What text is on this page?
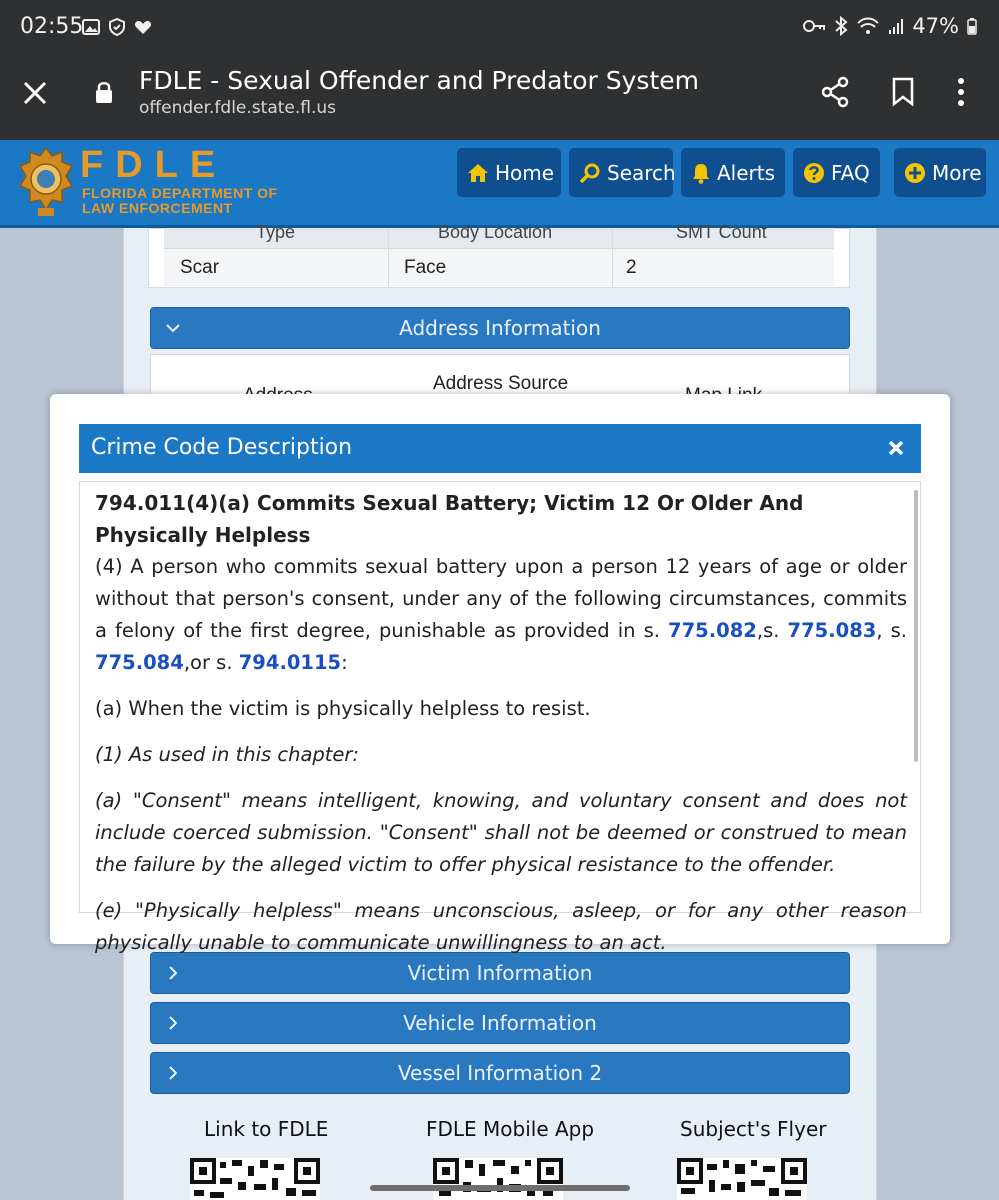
02:55	47%
FDLE - Sexual Offender and Predator System
offender.fdle.state.fl.us
FDLE
FLORIDA DEPARTMENT OF
LAW ENFORCEMENT
Home	Search Alerts	FAQ	More
Type	Body Location	SMT Count
Scar	Face	2
Address Information
Address Source
Victim Information
Vehicle Information
Vessel Information 2
Link to FDLE	FDLE Mobile App	Subject's Flyer
Crime Code Description
794.011(4)(a) Commits Sexual Battery; Victim 12 Or Older And Physically Helpless

(4) A person who commits sexual battery upon a person 12 years of age or older without that person's consent, under any of the following circumstances, commits a felony of the first degree, punishable as provided in s. 775.082,s. 775.083, s. 775.084,or s. 794.0115:

(a) When the victim is physically helpless to resist.

(1) As used in this chapter:

(a) "Consent" means intelligent, knowing, and voluntary consent and does not include coerced submission. "Consent" shall not be deemed or construed to mean the failure by the alleged victim to offer physical resistance to the offender.

(e) "Physically helpless" means unconscious, asleep, or for any other reason physically unable to communicate unwillingness to an act.
